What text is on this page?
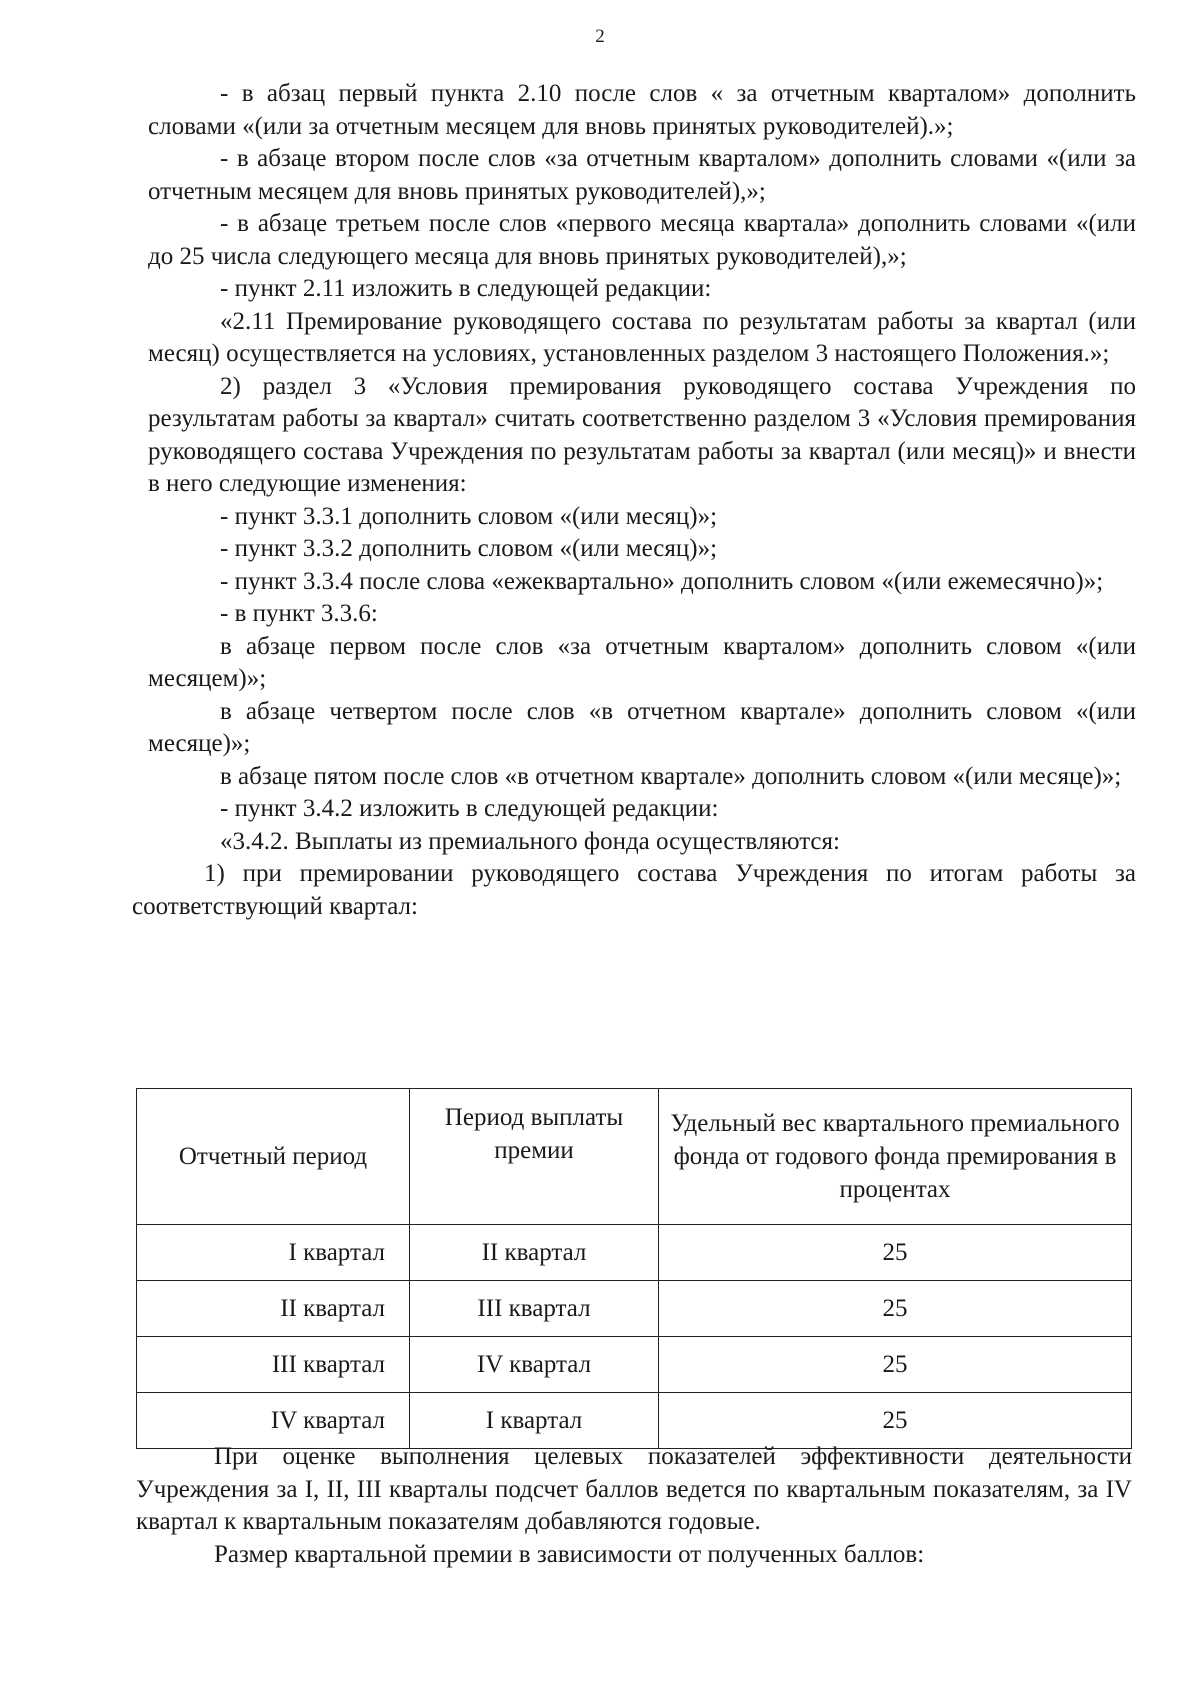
2

- в абзац первый пункта 2.10 после слов « за отчетным кварталом» дополнить словами «(или за отчетным месяцем для вновь принятых руководителей).»;

- в абзаце втором после слов «за отчетным кварталом» дополнить словами «(или за отчетным месяцем для вновь принятых руководителей),»;

- в абзаце третьем после слов «первого месяца квартала» дополнить словами «(или до 25 числа следующего месяца для вновь принятых руководителей),»;

- пункт 2.11 изложить в следующей редакции:

«2.11 Премирование руководящего состава по результатам работы за квартал (или месяц) осуществляется на условиях, установленных разделом 3 настоящего Положения.»;

2) раздел 3 «Условия премирования руководящего состава Учреждения по результатам работы за квартал» считать соответственно разделом 3 «Условия премирования руководящего состава Учреждения по результатам работы за квартал (или месяц)» и внести в него следующие изменения:

- пункт 3.3.1 дополнить словом «(или месяц)»;

- пункт 3.3.2 дополнить словом «(или месяц)»;

- пункт 3.3.4 после слова «ежеквартально» дополнить словом «(или ежемесячно)»;

- в пункт 3.3.6:

в абзаце первом после слов «за отчетным кварталом» дополнить словом «(или месяцем)»;

в абзаце четвертом после слов «в отчетном квартале» дополнить словом «(или месяце)»;

в абзаце пятом после слов «в отчетном квартале» дополнить словом «(или месяце)»;

- пункт 3.4.2 изложить в следующей редакции:

«3.4.2. Выплаты из премиального фонда осуществляются:

1) при премировании руководящего состава Учреждения по итогам работы за соответствующий квартал:

Отчетный период	Период выплаты премии	Удельный вес квартального премиального фонда от годового фонда премирования в процентах
I квартал	II квартал	25
II квартал	III квартал	25
III квартал	IV квартал	25
IV квартал	I квартал	25

При оценке выполнения целевых показателей эффективности деятельности Учреждения за I, II, III кварталы подсчет баллов ведется по квартальным показателям, за IV квартал к квартальным показателям добавляются годовые.

Размер квартальной премии в зависимости от полученных баллов:
